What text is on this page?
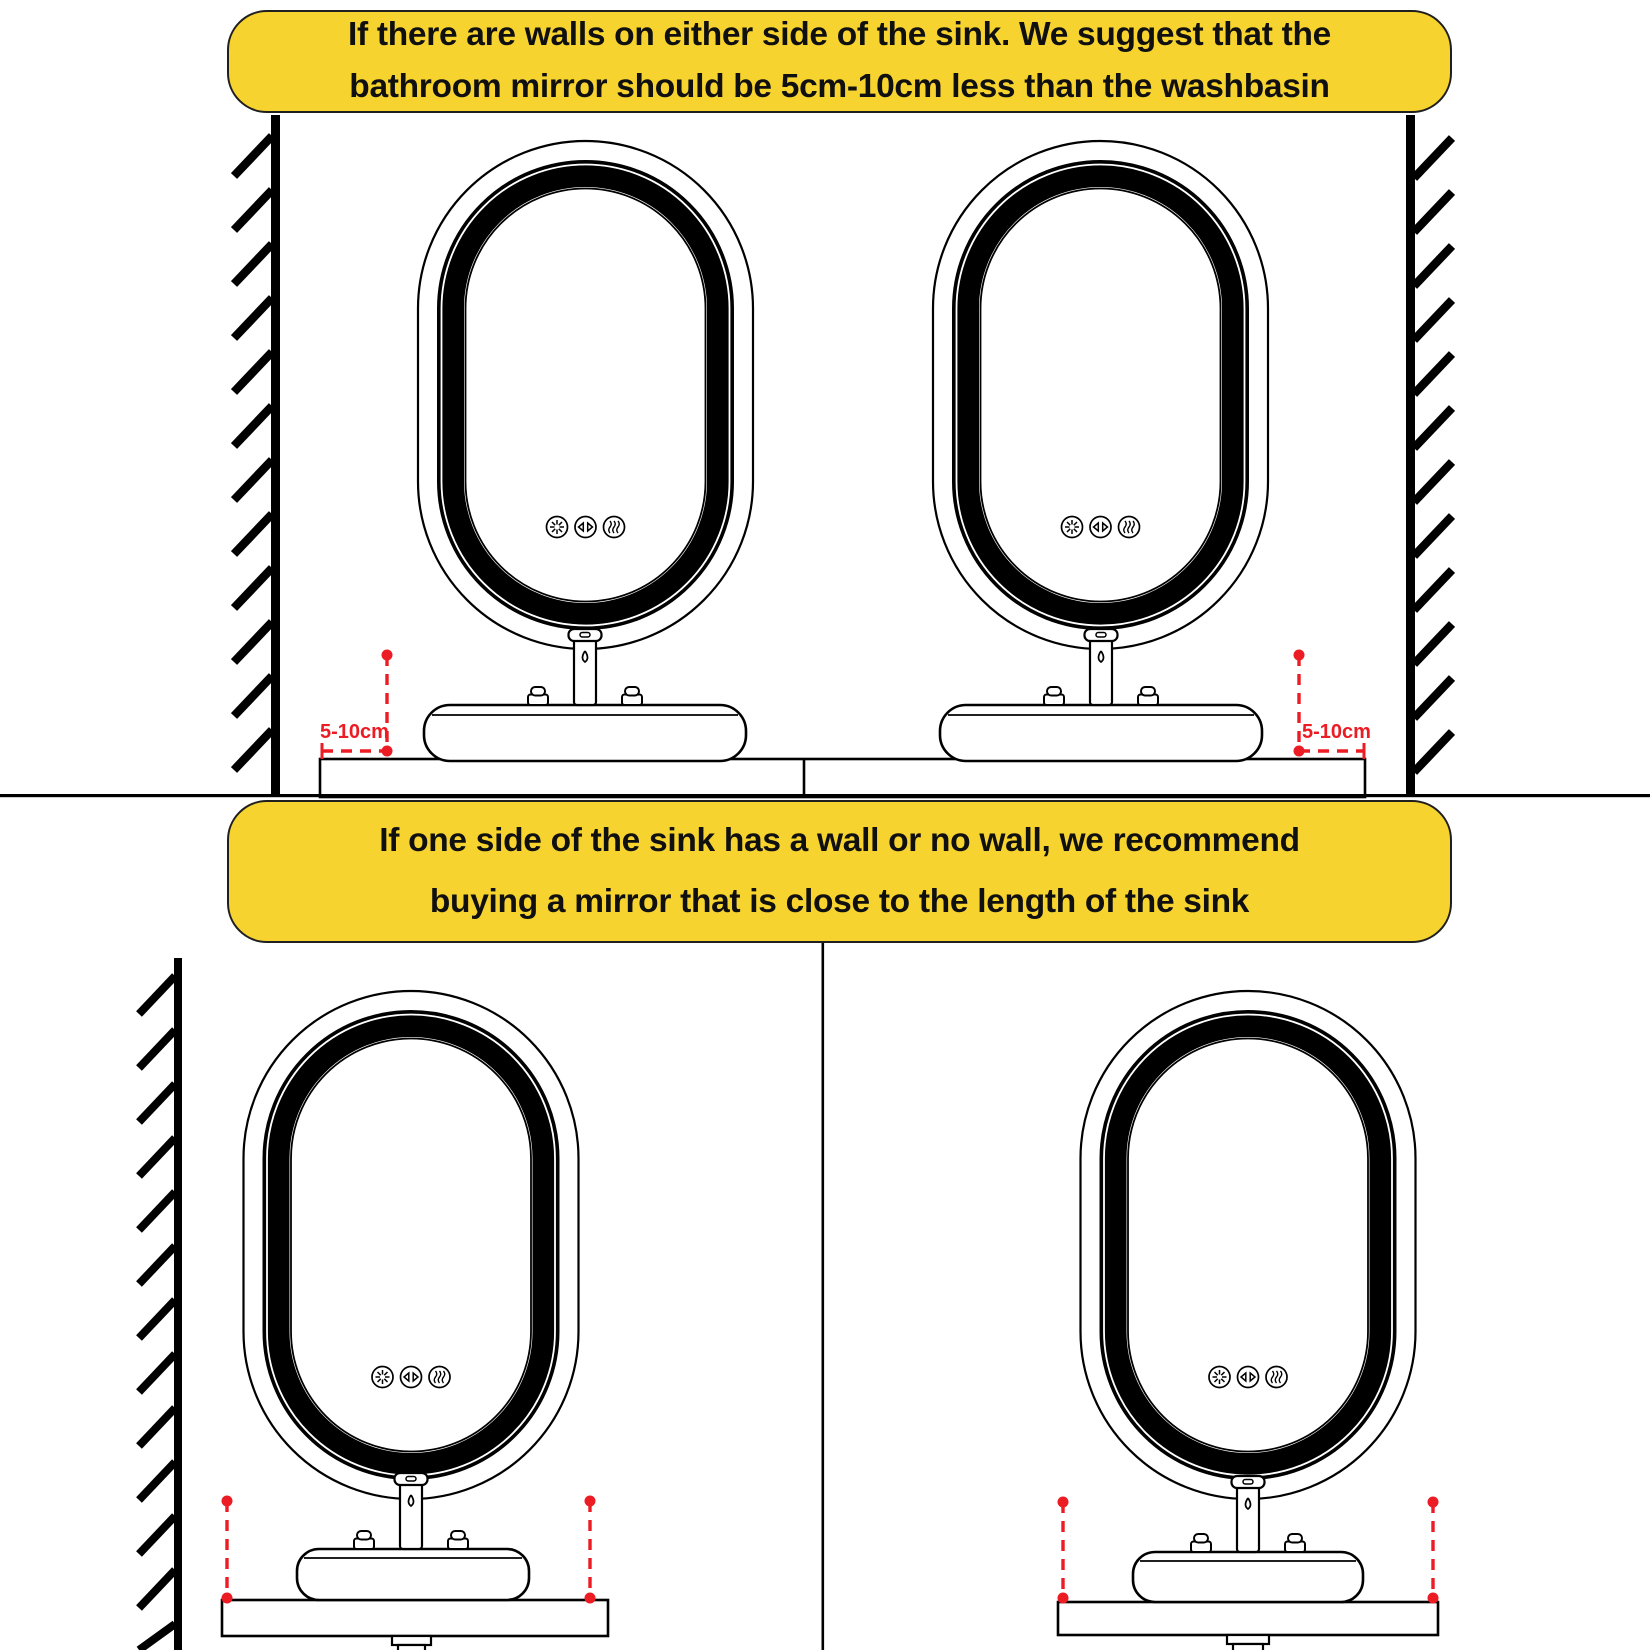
If there are walls on either side of the sink. We suggest that the
bathroom mirror should be 5cm-10cm less than the washbasin
If one side of the sink has a wall or no wall, we recommend
buying a mirror that is close to the length of the sink
5-10cm	5-10cm
